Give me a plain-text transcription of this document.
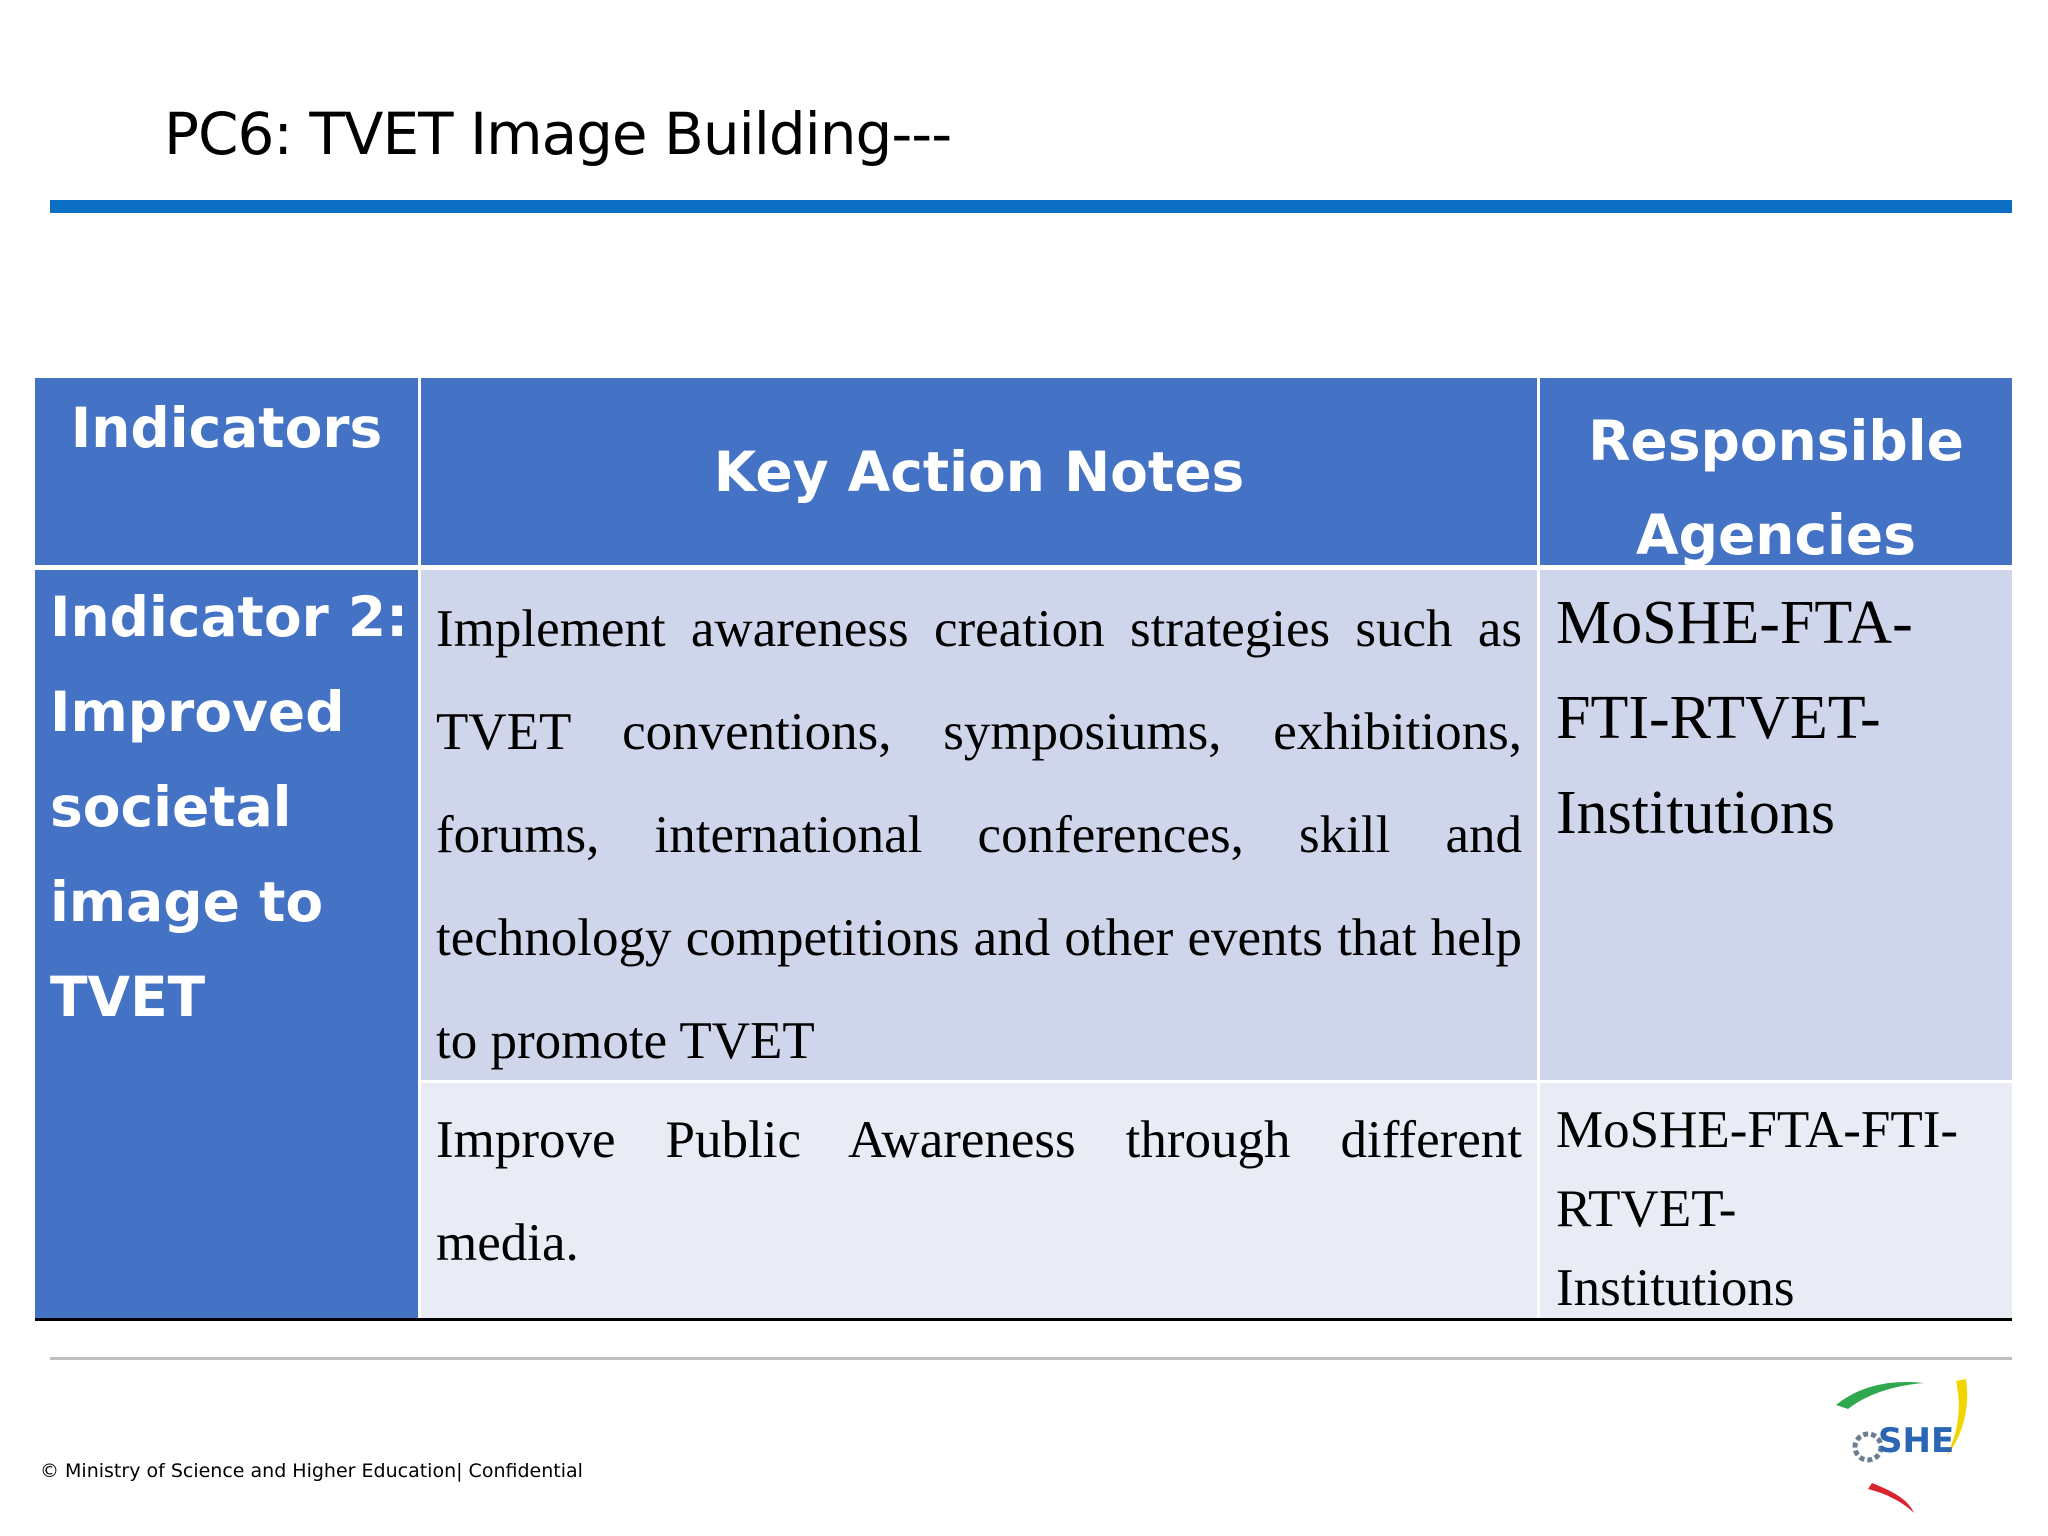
PC6: TVET Image Building---
Indicators
Key Action Notes	Responsible
Agencies
Indicator 2:
Improved
societal
image to
TVET

Implement awareness creation strategies such as TVET conventions, symposiums, exhibitions, forums, international conferences, skill and technology competitions and other events that help to promote TVET

MoSHE-FTA-
FTI-RTVET-
Institutions

Improve Public Awareness through different media.

MoSHE-FTA-FTI-
RTVET-
Institutions

© Ministry of Science and Higher Education| Confidential
SHE
